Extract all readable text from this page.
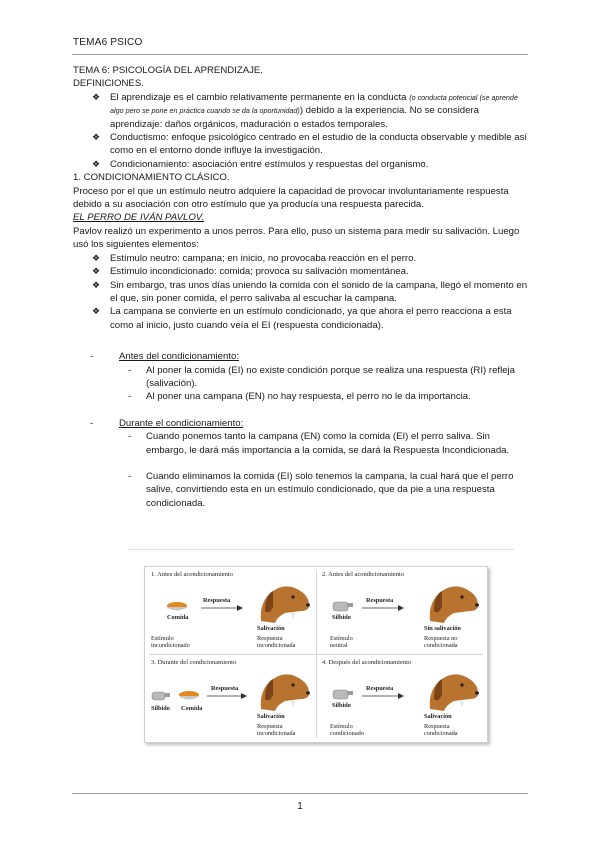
TEMA6 PSICO

TEMA 6: PSICOLOGÍA DEL APRENDIZAJE.

DEFINICIONES.

❖ El aprendizaje es el cambio relativamente permanente en la conducta (o conducta potencial (se aprende algo pero se pone en práctica cuando se da la oportunidad)) debido a la experiencia. No se considera aprendizaje: daños orgánicos, maduración o estados temporales.
❖ Conductismo: enfoque psicológico centrado en el estudio de la conducta observable y medible así como en el entorno donde influye la investigación.
❖ Condicionamiento: asociación entre estímulos y respuestas del organismo.

1. CONDICIONAMIENTO CLÁSICO.

Proceso por el que un estímulo neutro adquiere la capacidad de provocar involuntariamente respuesta debido a su asociación con otro estímulo que ya producía una respuesta parecida.

EL PERRO DE IVÁN PAVLOV.

Pavlov realizó un experimento a unos perros. Para ello, puso un sistema para medir su salivación. Luego usó los siguientes elementos:

❖ Estímulo neutro: campana; en inicio, no provocaba reacción en el perro.
❖ Estímulo incondicionado: comida; provoca su salivación momentánea.
❖ Sin embargo, tras unos días uniendo la comida con el sonido de la campana, llegó el momento en el que, sin poner comida, el perro salivaba al escuchar la campana.
❖ La campana se convierte en un estímulo condicionado, ya que ahora el perro reacciona a esta como al inicio, justo cuando veía el EI (respuesta condicionada).
-	Antes del condicionamiento:
- Al poner la comida (EI) no existe condición porque se realiza una respuesta (RI) refleja (salivación).
- Al poner una campana (EN) no hay respuesta, el perro no le da importancia.
-	Durante el condicionamiento:
- Cuando ponemos tanto la campana (EN) como la comida (EI) el perro saliva. Sin embargo, le dará más importancia a la comida, se dará la Respuesta Incondicionada.
- Cuando eliminamos la comida (EI) solo tenemos la campana, la cual hará que el perro salive, convirtiendo esta en un estímulo condicionado, que da pie a una respuesta condicionada.
1. Antes del acondicionamiento
Comida
Respuesta
Salivación
Estímulo incondicionado
Respuesta incondicionada
2. Antes del acondicionamiento
Silbido
Respuesta
Sin salivación
Estímulo neutral
Respuesta no condicionada
3. Durante del condicionamiento
Silbido Comida
Respuesta
Salivación
Respuesta incondicionada
4. Después del acondicionamiento
Silbido
Respuesta
Salivación
Estímulo condicionado
Respuesta condicionada
1
